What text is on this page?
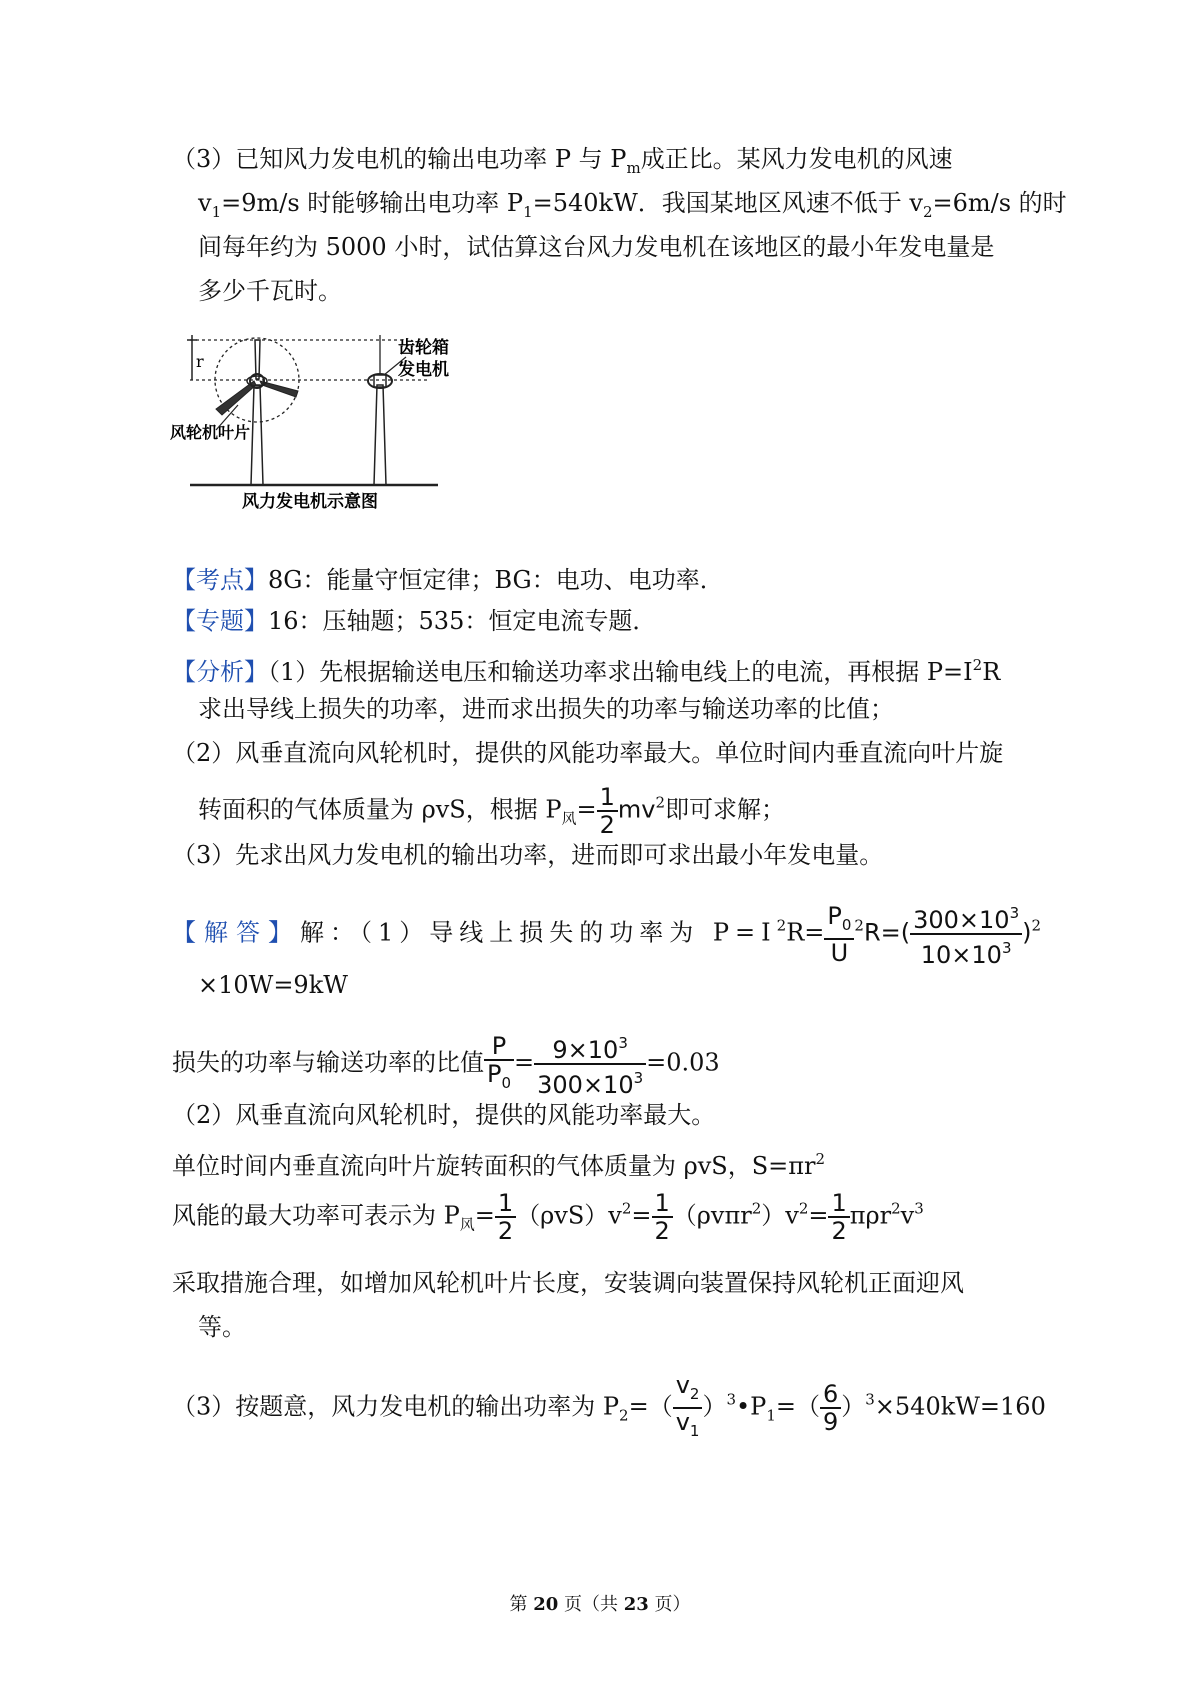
（3）已知风力发电机的输出电功率 P 与 $P_m$成正比。某风力发电机的风速
$v_1=9m/s$ 时能够输出电功率 $P_1=540kW$．我国某地区风速不低于 $v_2=6m/s$ 的时
间每年约为 5000 小时，试估算这台风力发电机在该地区的最小年发电量是
多少千瓦时。
r
齿轮箱
发电机
风轮机叶片
风力发电机示意图
【考点】8G：能量守恒定律；BG：电功、电功率．
【专题】16：压轴题；535：恒定电流专题．
【分析】（1）先根据输送电压和输送功率求出输电线上的电流，再根据 $P=I^2R$
求出导线上损失的功率，进而求出损失的功率与输送功率的比值；
（2）风垂直流向风轮机时，提供的风能功率最大。单位时间内垂直流向叶片旋
转面积的气体质量为 ρvS，根据 $P_风= \frac{1}{2} mv^2$即可求解；
（3）先求出风力发电机的输出功率，进而即可求出最小年发电量。
【解答】解：（1）导线上损失的功率为 $P=I^2R= \frac{P_0}{U} ^2R=( \frac{300\times 10^3}{10\times 10^3} )^2$
×10W=9kW
损失的功率与输送功率的比值 $\frac{P}{P_0} = \frac{9\times 10^3}{300\times 10^3} =0.03$
（2）风垂直流向风轮机时，提供的风能功率最大。
单位时间内垂直流向叶片旋转面积的气体质量为 ρvS，$S=\pi r^2$
风能的最大功率可表示为 $P_风= \frac{1}{2} (\rho vS)v^2= \frac{1}{2} (\rho v\pi r^2)v^2= \frac{1}{2} \pi\rho r^2v^3$
采取措施合理，如增加风轮机叶片长度，安装调向装置保持风轮机正面迎风
等。
（3）按题意，风力发电机的输出功率为 $P_2=( \frac{v_2}{v_1}$ ）$^3•P_1=( \frac{6}{9} )^3\times 540kW=160$
第 20 页（共 23 页）
